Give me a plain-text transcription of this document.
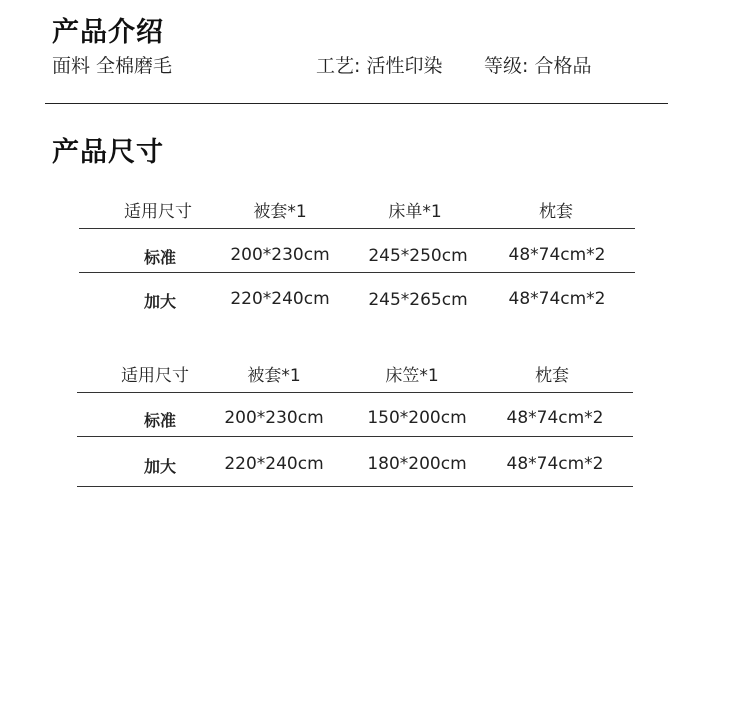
产品介绍
面料 全棉磨毛	工艺: 活性印染 等级: 合格品
产品尺寸
适用尺寸	被套*1	床单*1	枕套
标准	200*230cm	245*250cm	48*74cm*2
加大	220*240cm	245*265cm	48*74cm*2
适用尺寸	被套*1	床笠*1	枕套
标准	200*230cm	150*200cm	48*74cm*2
加大	220*240cm	180*200cm	48*74cm*2
